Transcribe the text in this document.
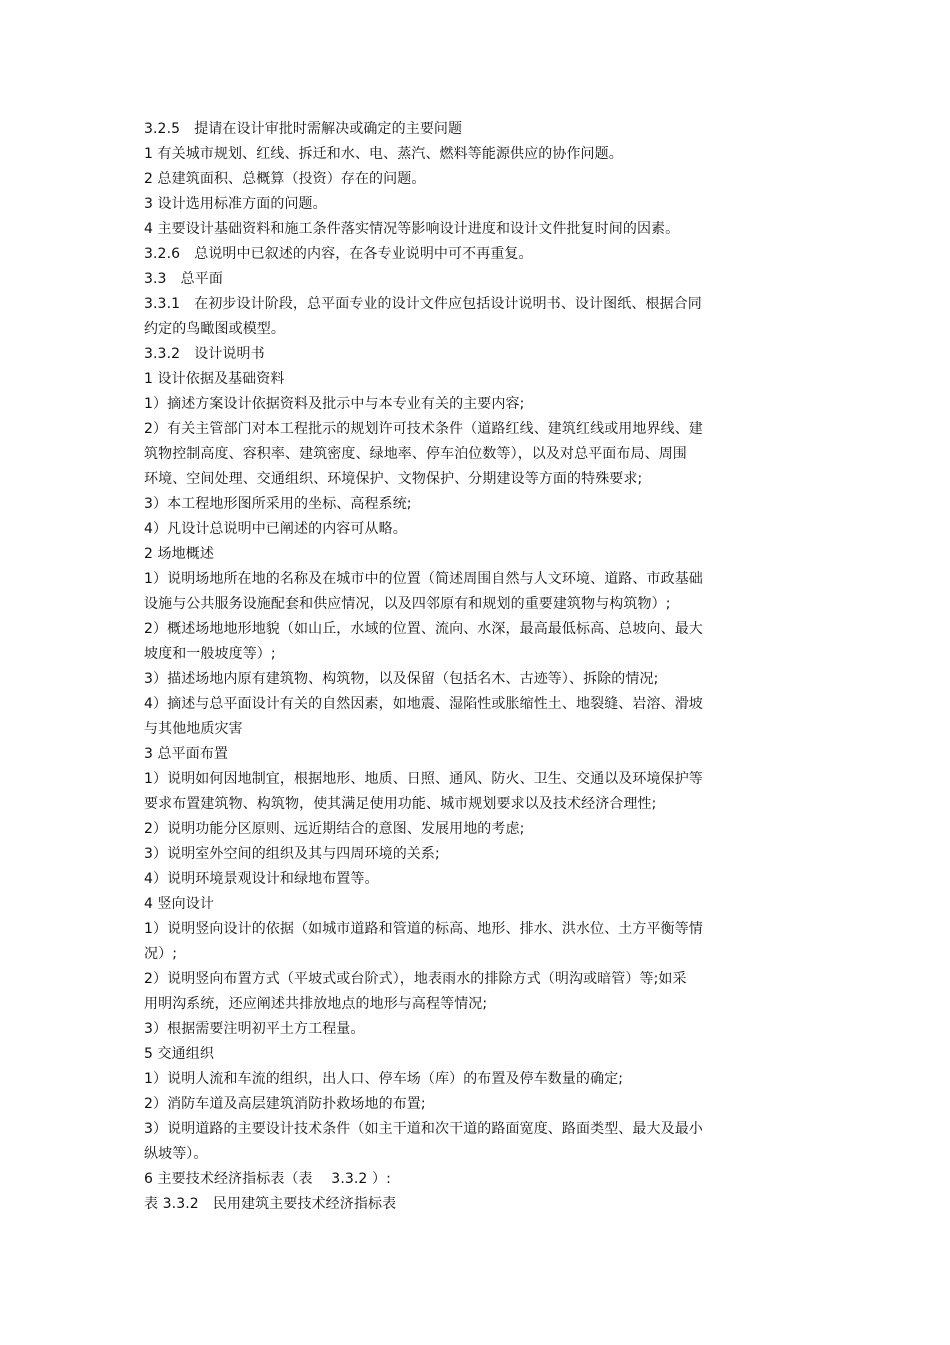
3.2.5　提请在设计审批时需解决或确定的主要问题
1 有关城市规划、红线、拆迁和水、电、蒸汽、燃料等能源供应的协作问题。
2 总建筑面积、总概算（投资）存在的问题。
3 设计选用标准方面的问题。
4 主要设计基础资料和施工条件落实情况等影响设计进度和设计文件批复时间的因素。
3.2.6　总说明中已叙述的内容，在各专业说明中可不再重复。
3.3　总平面
3.3.1　在初步设计阶段，总平面专业的设计文件应包括设计说明书、设计图纸、根据合同
约定的鸟瞰图或模型。
3.3.2　设计说明书
1 设计依据及基础资料
1）摘述方案设计依据资料及批示中与本专业有关的主要内容;
2）有关主管部门对本工程批示的规划许可技术条件（道路红线、建筑红线或用地界线、建
筑物控制高度、容积率、建筑密度、绿地率、停车泊位数等），以及对总平面布局、周围
环境、空间处理、交通组织、环境保护、文物保护、分期建设等方面的特殊要求;
3）本工程地形图所采用的坐标、高程系统;
4）凡设计总说明中已阐述的内容可从略。
2 场地概述
1）说明场地所在地的名称及在城市中的位置（简述周围自然与人文环境、道路、市政基础
设施与公共服务设施配套和供应情况，以及四邻原有和规划的重要建筑物与构筑物）;
2）概述场地地形地貌（如山丘，水域的位置、流向、水深，最高最低标高、总坡向、最大
坡度和一般坡度等）;
3）描述场地内原有建筑物、构筑物，以及保留（包括名木、古迹等）、拆除的情况;
4）摘述与总平面设计有关的自然因素，如地震、湿陷性或胀缩性土、地裂缝、岩溶、滑坡
与其他地质灾害
3 总平面布置
1）说明如何因地制宜，根据地形、地质、日照、通风、防火、卫生、交通以及环境保护等
要求布置建筑物、构筑物，使其满足使用功能、城市规划要求以及技术经济合理性;
2）说明功能分区原则、远近期结合的意图、发展用地的考虑;
3）说明室外空间的组织及其与四周环境的关系;
4）说明环境景观设计和绿地布置等。
4 竖向设计
1）说明竖向设计的依据（如城市道路和管道的标高、地形、排水、洪水位、土方平衡等情
况）;
2）说明竖向布置方式（平坡式或台阶式），地表雨水的排除方式（明沟或暗管）等;如采
用明沟系统，还应阐述共排放地点的地形与高程等情况;
3）根据需要注明初平土方工程量。
5 交通组织
1）说明人流和车流的组织，出人口、停车场（库）的布置及停车数量的确定;
2）消防车道及高层建筑消防扑救场地的布置;
3）说明道路的主要设计技术条件（如主干道和次干道的路面宽度、路面类型、最大及最小
纵坡等）。
6 主要技术经济指标表（表　 3.3.2 ）:
表 3.3.2　民用建筑主要技术经济指标表
